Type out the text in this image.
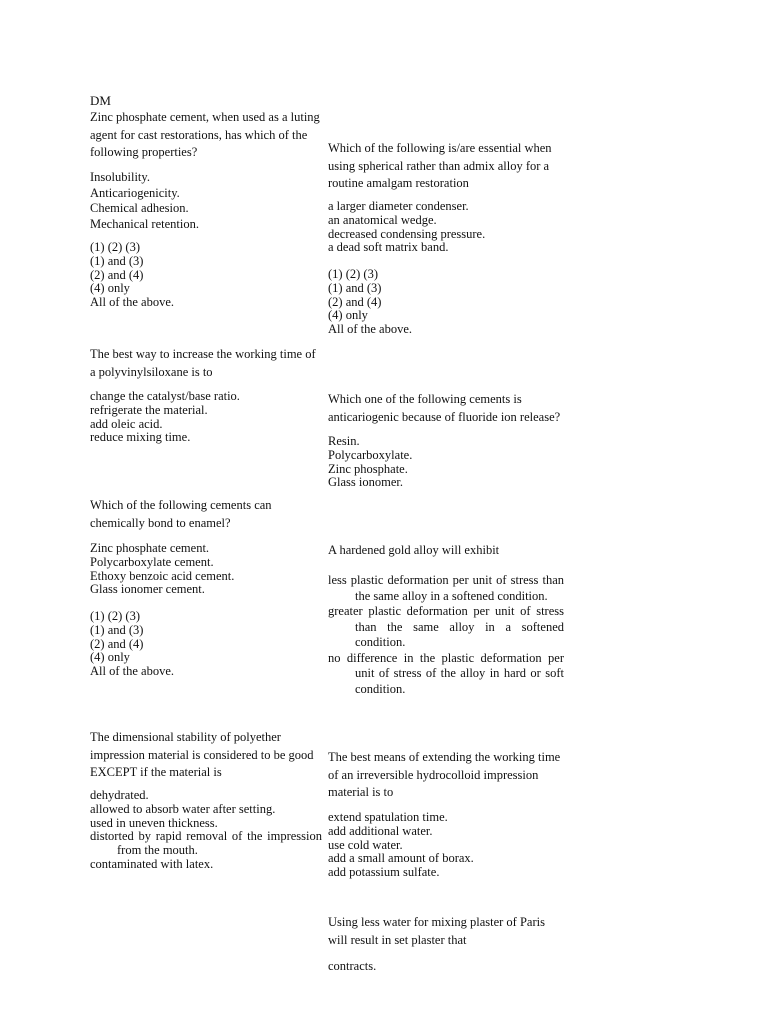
DM

Zinc phosphate cement, when used as a luting agent for cast restorations, has which of the following properties?

Insolubility.
Anticariogenicity.
Chemical adhesion.
Mechanical retention.
(1) (2) (3)
(1) and (3)
(2) and (4)
(4) only
All of the above.

The best way to increase the working time of a polyvinylsiloxane is to

change the catalyst/base ratio.
refrigerate the material.
add oleic acid.
reduce mixing time.

Which of the following cements can chemically bond to enamel?

Zinc phosphate cement.
Polycarboxylate cement.
Ethoxy benzoic acid cement.
Glass ionomer cement.
(1) (2) (3)
(1) and (3)
(2) and (4)
(4) only
All of the above.

The dimensional stability of polyether impression material is considered to be good EXCEPT if the material is

dehydrated.
allowed to absorb water after setting.
used in uneven thickness.
distorted by rapid removal of the impression from the mouth.
contaminated with latex.

Which of the following is/are essential when using spherical rather than admix alloy for a routine amalgam restoration

a larger diameter condenser.
an anatomical wedge.
decreased condensing pressure.
a dead soft matrix band.
(1) (2) (3)
(1) and (3)
(2) and (4)
(4) only
All of the above.

Which one of the following cements is anticariogenic because of fluoride ion release?

Resin.
Polycarboxylate.
Zinc phosphate.
Glass ionomer.

A hardened gold alloy will exhibit

less plastic deformation per unit of stress than the same alloy in a softened condition.
greater plastic deformation per unit of stress than the same alloy in a softened condition.
no difference in the plastic deformation per unit of stress of the alloy in hard or soft condition.

The best means of extending the working time of an irreversible hydrocolloid impression material is to

extend spatulation time.
add additional water.
use cold water.
add a small amount of borax.
add potassium sulfate.

Using less water for mixing plaster of Paris will result in set plaster that

contracts.
